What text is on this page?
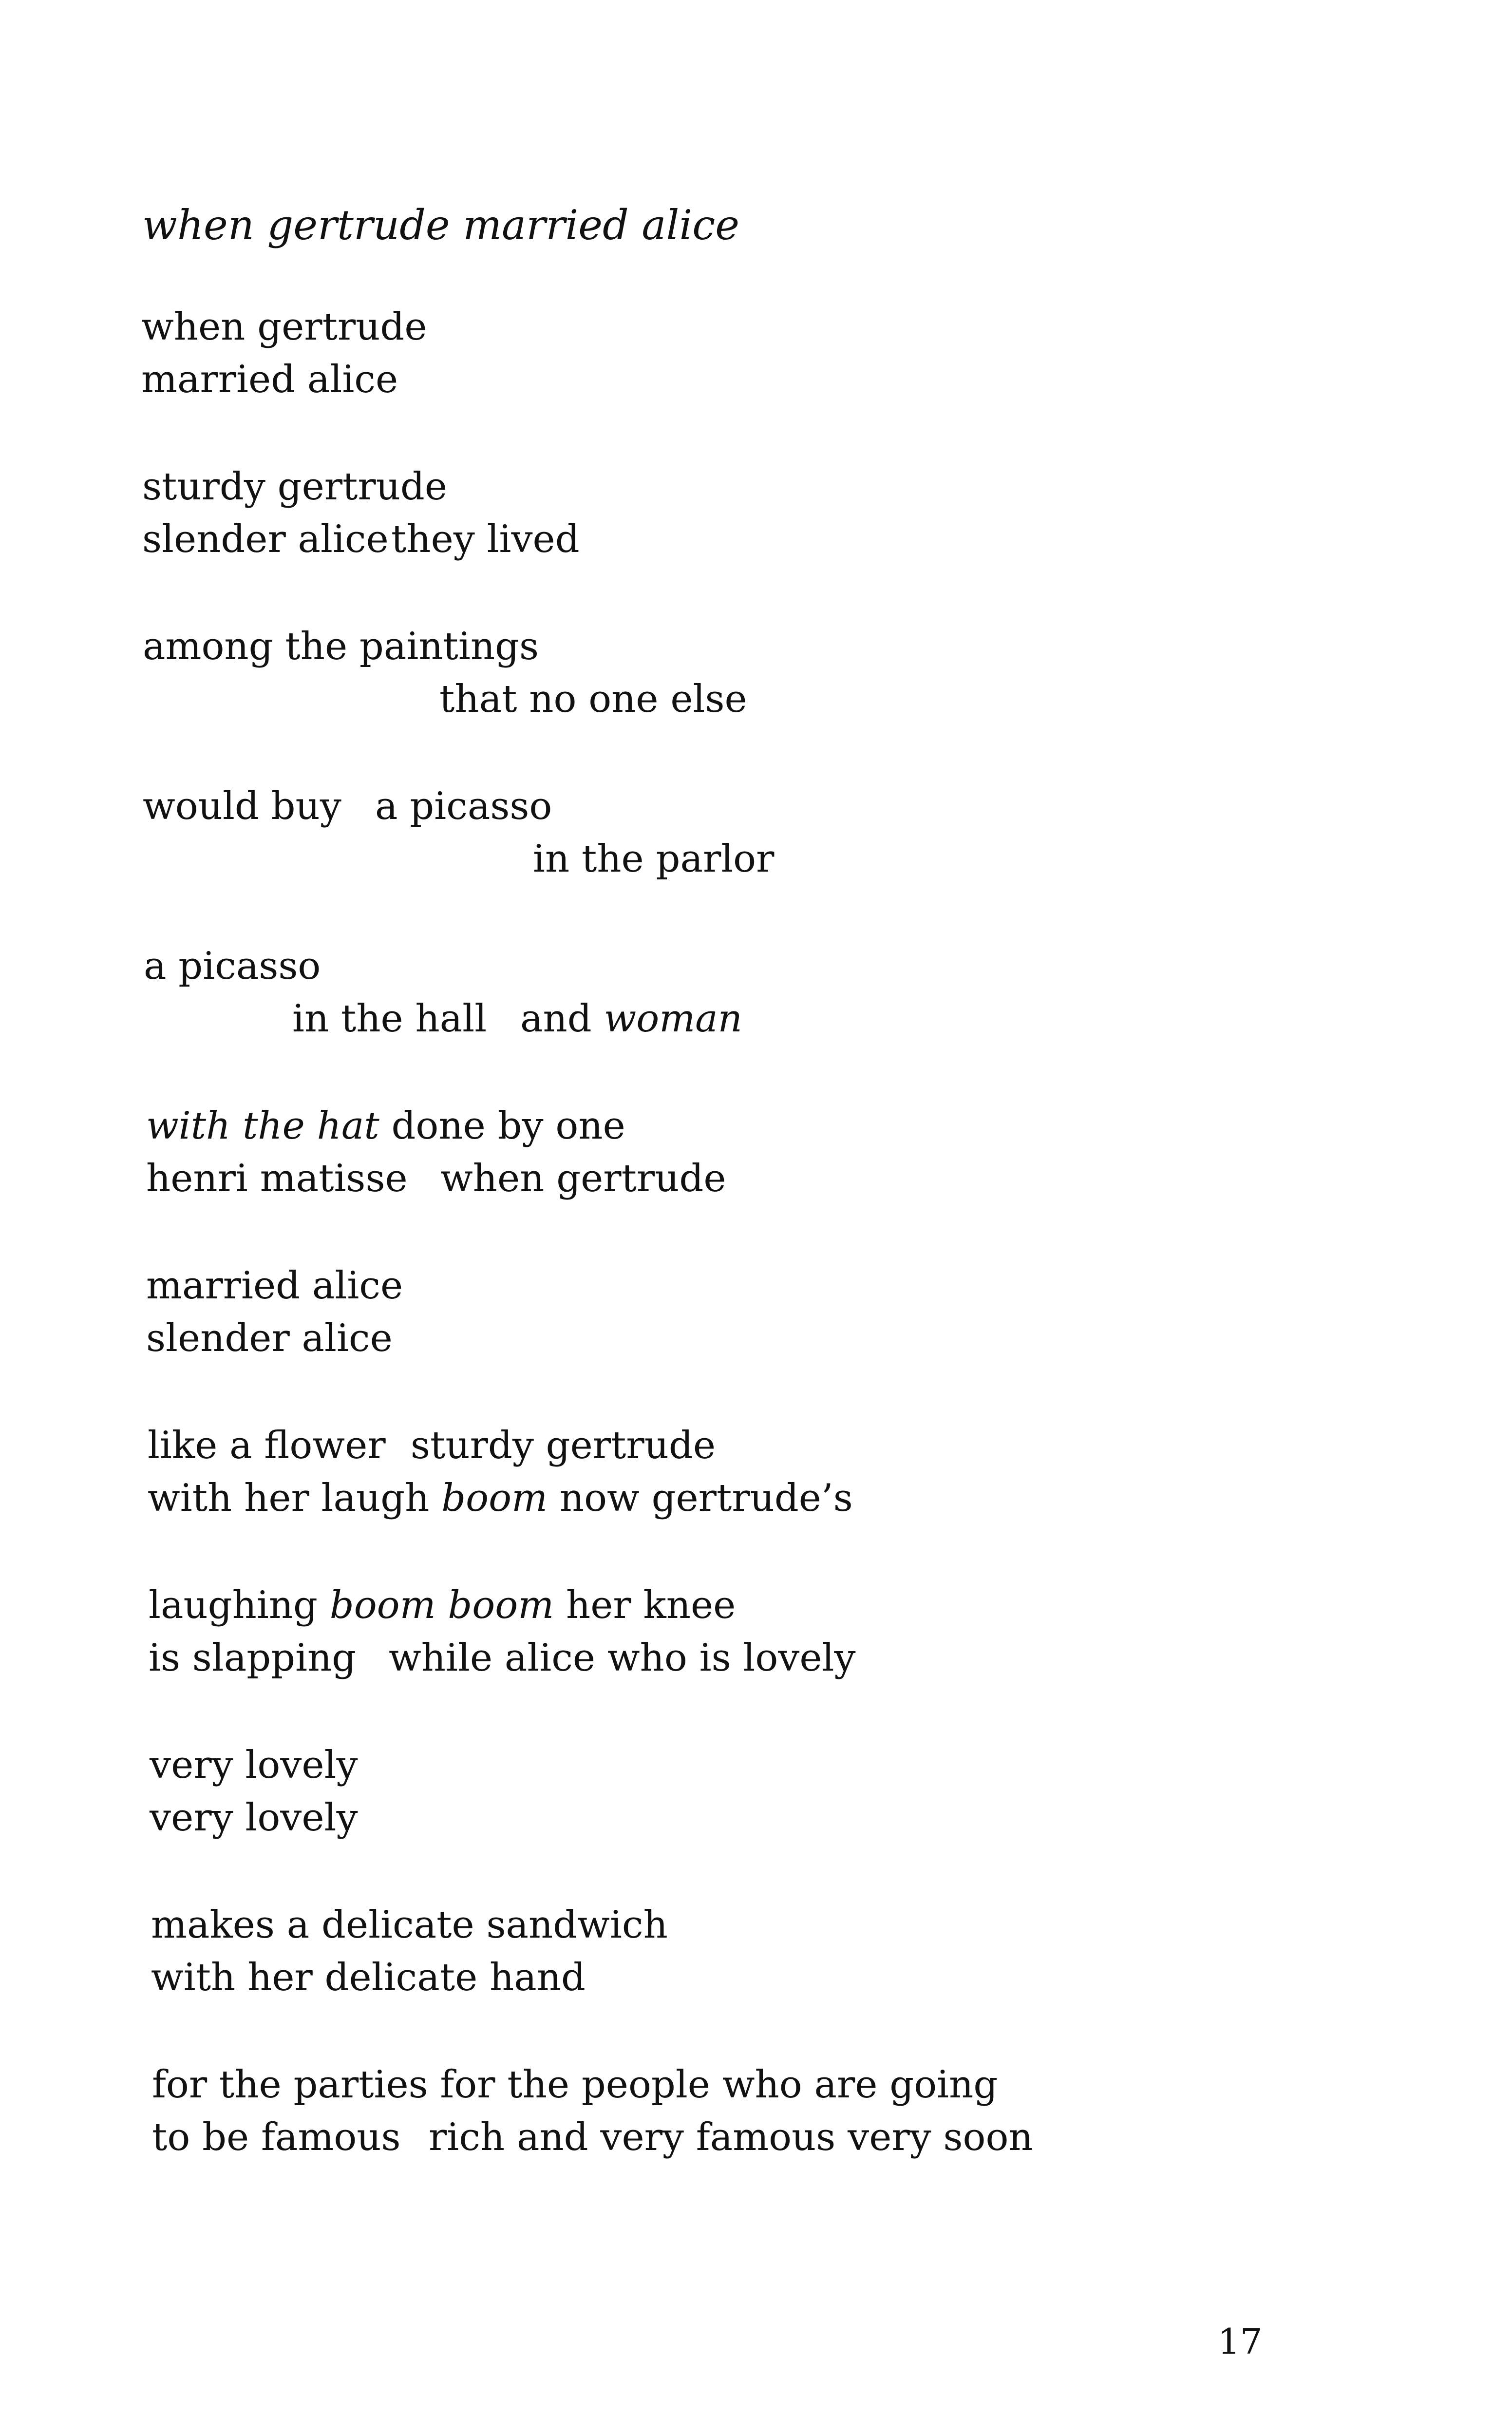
when gertrude married alice
when gertrude
married alice
sturdy gertrude
slender alice they lived
among the paintings
that no one else
would buy a picasso
in the parlor
a picasso
in the hall and woman
with the hat done by one
henri matisse when gertrude
married alice
slender alice
like a flower sturdy gertrude
with her laugh boom now gertrude’s
laughing boom boom her knee
is slapping while alice who is lovely
very lovely
very lovely
makes a delicate sandwich
with her delicate hand
for the parties for the people who are going
to be famous rich and very famous very soon
17
